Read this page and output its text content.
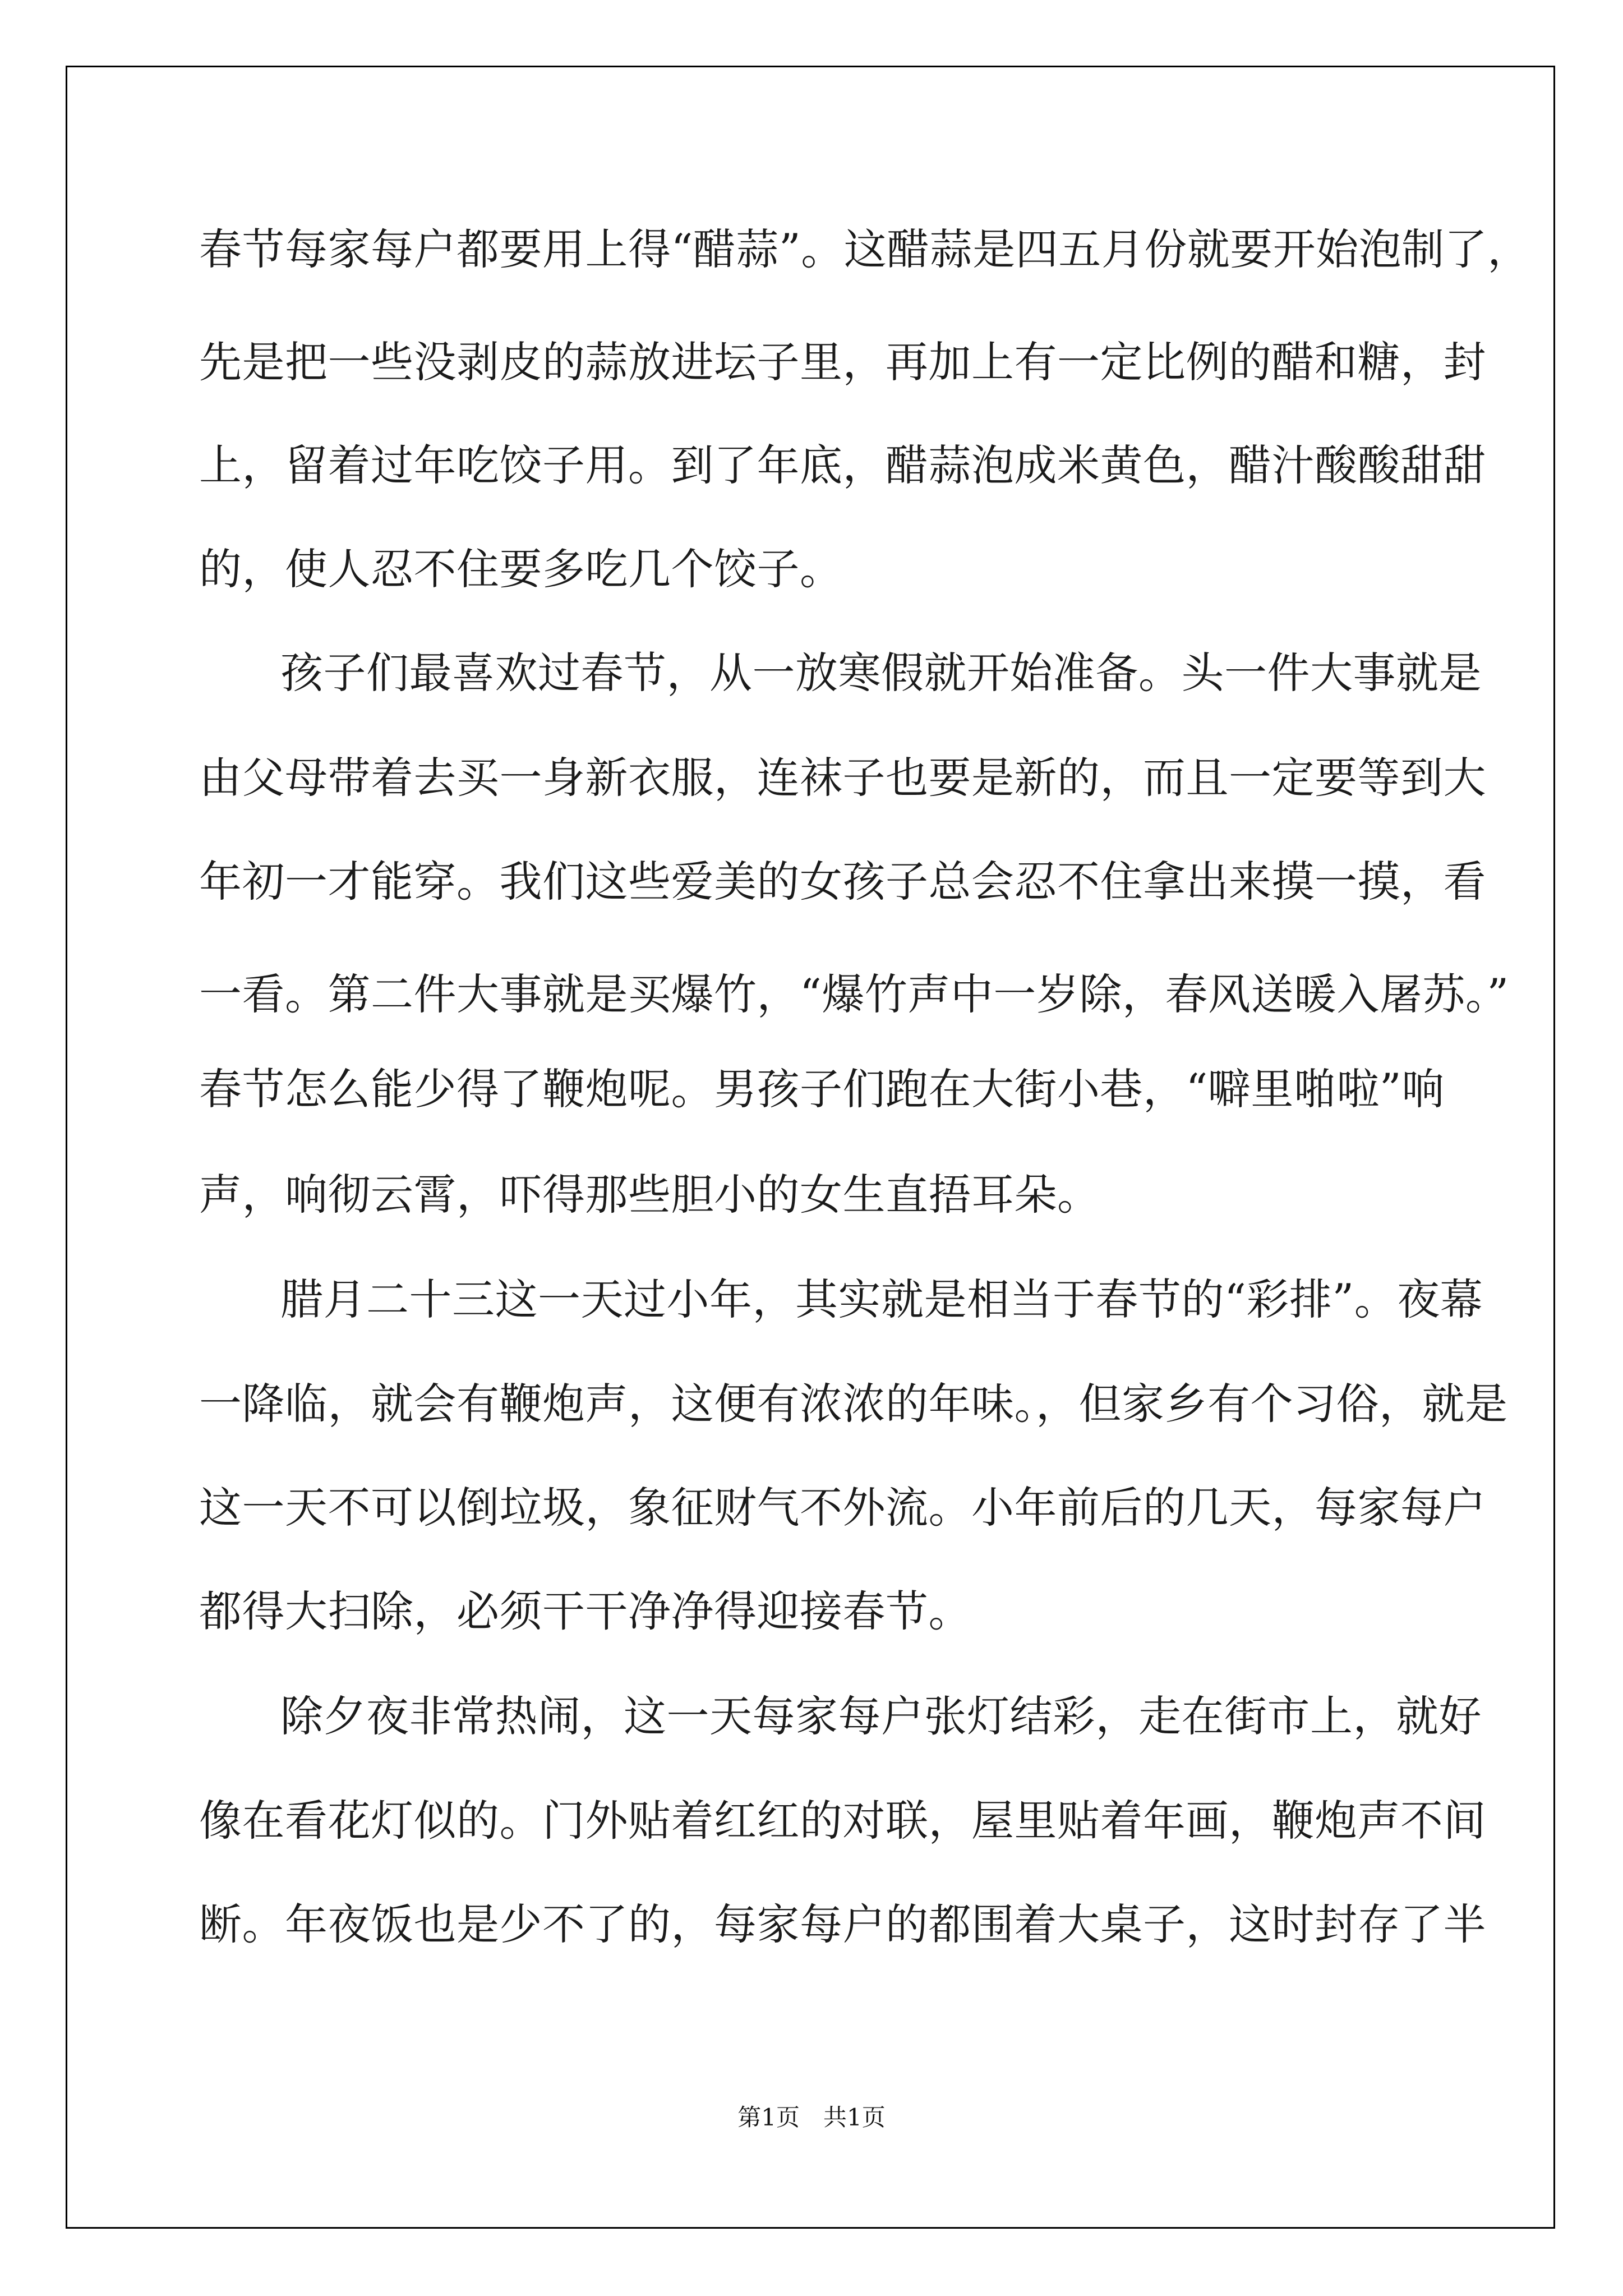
春节每家每户都要用上得“醋蒜”。这醋蒜是四五月份就要开始泡制了，
先是把一些没剥皮的蒜放进坛子里，再加上有一定比例的醋和糖，封
上，留着过年吃饺子用。到了年底，醋蒜泡成米黄色，醋汁酸酸甜甜
的，使人忍不住要多吃几个饺子。
孩子们最喜欢过春节，从一放寒假就开始准备。头一件大事就是
由父母带着去买一身新衣服，连袜子也要是新的，而且一定要等到大
年初一才能穿。我们这些爱美的女孩子总会忍不住拿出来摸一摸，看
一看。第二件大事就是买爆竹，“爆竹声中一岁除，春风送暖入屠苏。”
春节怎么能少得了鞭炮呢。男孩子们跑在大街小巷，“噼里啪啦”响
声，响彻云霄，吓得那些胆小的女生直捂耳朵。
腊月二十三这一天过小年，其实就是相当于春节的“彩排”。夜幕
一降临，就会有鞭炮声，这便有浓浓的年味。，但家乡有个习俗，就是
这一天不可以倒垃圾，象征财气不外流。小年前后的几天，每家每户
都得大扫除，必须干干净净得迎接春节。
除夕夜非常热闹，这一天每家每户张灯结彩，走在街市上，就好
像在看花灯似的。门外贴着红红的对联，屋里贴着年画，鞭炮声不间
断。年夜饭也是少不了的，每家每户的都围着大桌子，这时封存了半
第1页　共1页
